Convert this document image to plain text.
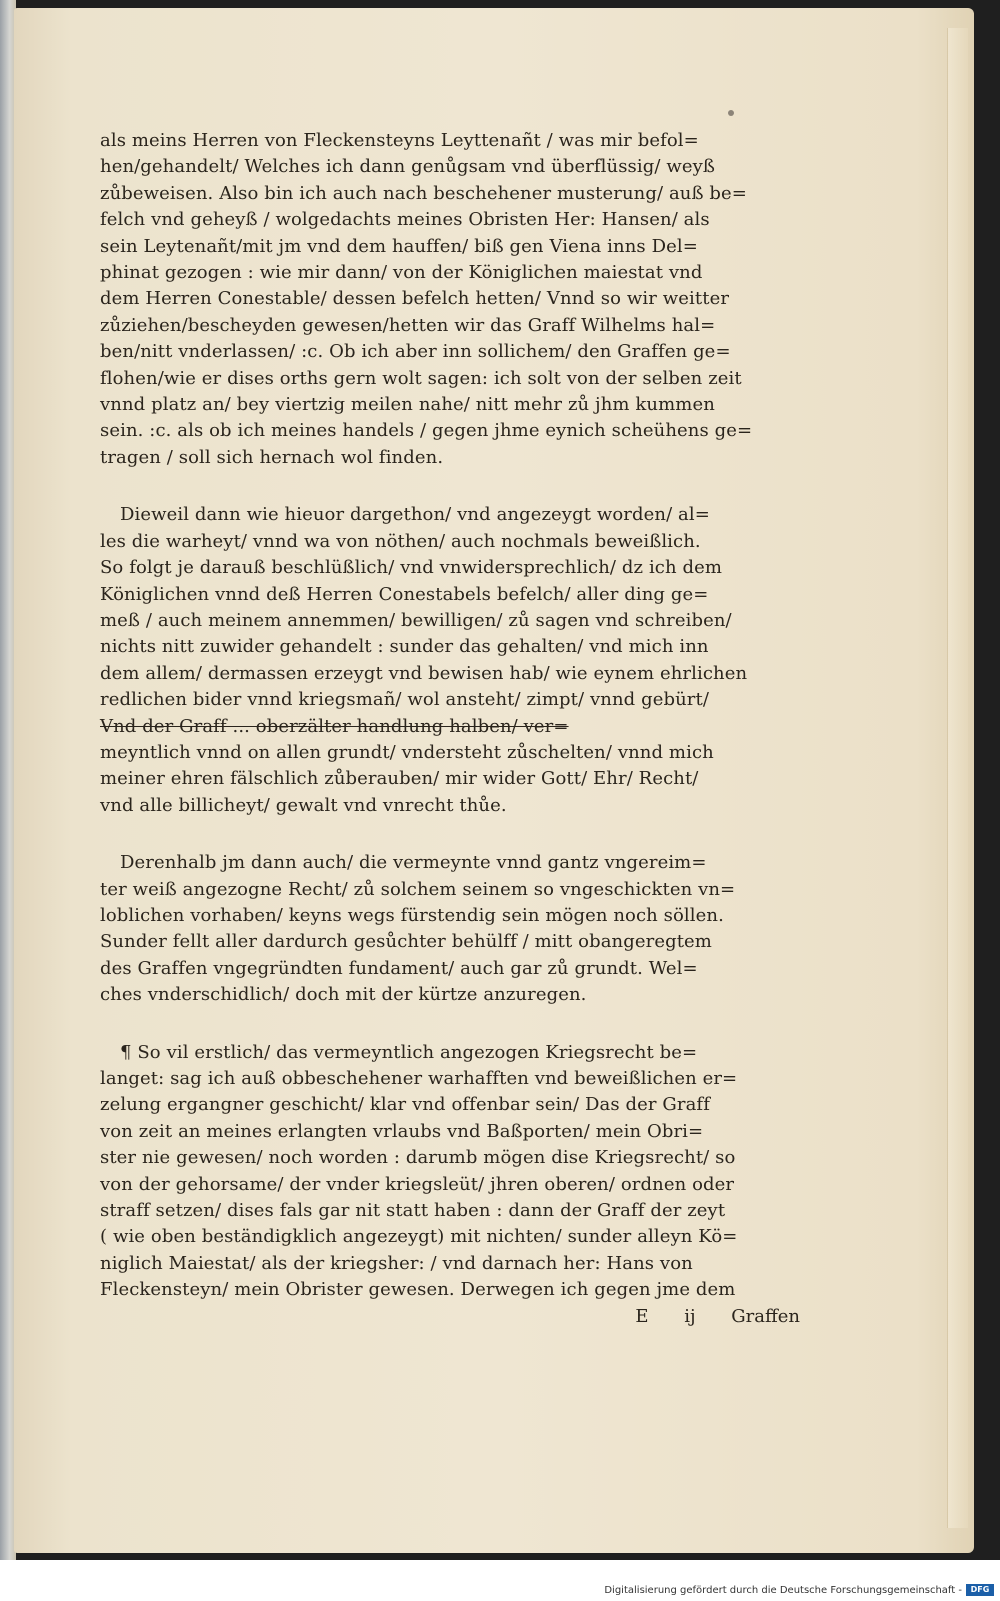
als meins Herren von Fleckensteyns Leyttenañt / was mir befol=
hen/gehandelt/ Welches ich dann genůgsam vnd überflüssig/ weyß
zůbeweisen. Also bin ich auch nach beschehener musterung/ auß be=
felch vnd geheyß / wolgedachts meines Obristen Her: Hansen/ als
sein Leytenañt/mit jm vnd dem hauffen/ biß gen Viena inns Del=
phinat gezogen : wie mir dann/ von der Königlichen maiestat vnd
dem Herren Conestable/ dessen befelch hetten/ Vnnd so wir weitter
zůziehen/bescheyden gewesen/hetten wir das Graff Wilhelms hal=
ben/nitt vnderlassen/ :c. Ob ich aber inn sollichem/ den Graffen ge=
flohen/wie er dises orths gern wolt sagen: ich solt von der selben zeit
vnnd platz an/ bey viertzig meilen nahe/ nitt mehr zů jhm kummen
sein. :c. als ob ich meines handels / gegen jhme eynich scheühens ge=
tragen / soll sich hernach wol finden.
Dieweil dann wie hieuor dargethon/ vnd angezeygt worden/ al=
les die warheyt/ vnnd wa von nöthen/ auch nochmals beweißlich.
So folgt je darauß beschlüßlich/ vnd vnwidersprechlich/ dz ich dem
Königlichen vnnd deß Herren Conestabels befelch/ aller ding ge=
meß / auch meinem annemmen/ bewilligen/ zů sagen vnd schreiben/
nichts nitt zuwider gehandelt : sunder das gehalten/ vnd mich inn
dem allem/ dermassen erzeygt vnd bewisen hab/ wie eynem ehrlichen
redlichen bider vnnd kriegsmañ/ wol ansteht/ zimpt/ vnnd gebürt/
Vnd der Graff ... oberzälter handlung halben/ ver=
meyntlich vnnd on allen grundt/ vndersteht zůschelten/ vnnd mich
meiner ehren fälschlich zůberauben/ mir wider Gott/ Ehr/ Recht/
vnd alle billicheyt/ gewalt vnd vnrecht thůe.
Derenhalb jm dann auch/ die vermeynte vnnd gantz vngereim=
ter weiß angezogne Recht/ zů solchem seinem so vngeschickten vn=
loblichen vorhaben/ keyns wegs fürstendig sein mögen noch söllen.
Sunder fellt aller dardurch gesůchter behülff / mitt obangeregtem
des Graffen vngegründten fundament/ auch gar zů grundt. Wel=
ches vnderschidlich/ doch mit der kürtze anzuregen.
¶ So vil erstlich/ das vermeyntlich angezogen Kriegsrecht be=
langet: sag ich auß obbeschehener warhafften vnd beweißlichen er=
zelung ergangner geschicht/ klar vnd offenbar sein/ Das der Graff
von zeit an meines erlangten vrlaubs vnd Baßporten/ mein Obri=
ster nie gewesen/ noch worden : darumb mögen dise Kriegsrecht/ so
von der gehorsame/ der vnder kriegsleüt/ jhren oberen/ ordnen oder
straff setzen/ dises fals gar nit statt haben : dann der Graff der zeyt
( wie oben beständigklich angezeygt) mit nichten/ sunder alleyn Kö=
niglich Maiestat/ als der kriegsher: / vnd darnach her: Hans von
Fleckensteyn/ mein Obrister gewesen. Derwegen ich gegen jme dem
E ij Graffen
Digitalisierung gefördert durch die Deutsche Forschungsgemeinschaft -	DFG
